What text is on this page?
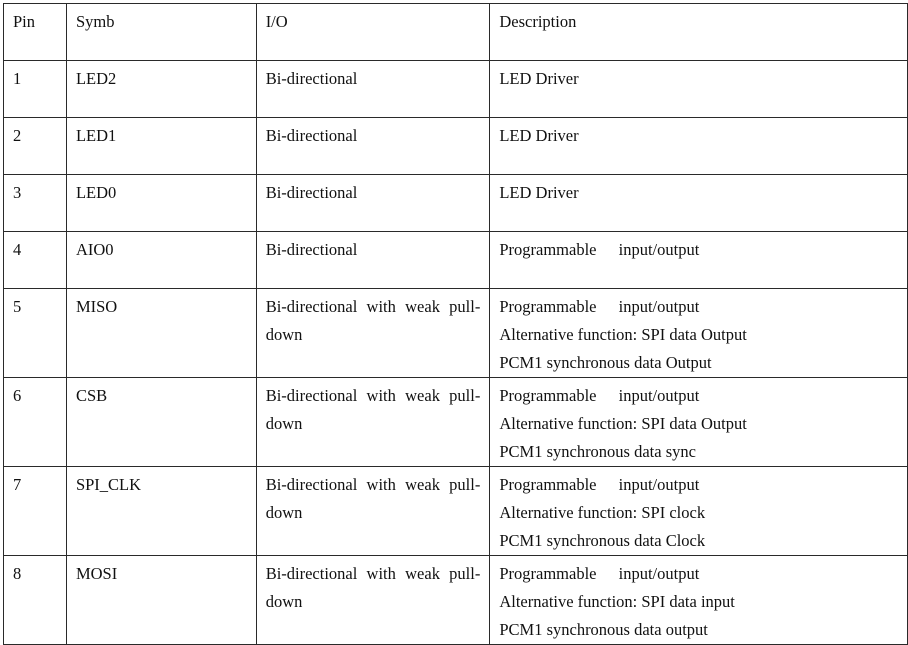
Pin	Symb	I/O	Description
1	LED2	Bi-directional	LED Driver

2	LED1	Bi-directional	LED Driver

3	LED0	Bi-directional	LED Driver

4	AIO0	Bi-directional	Programmable input/output

5	MISO	Bi-directional with weak pull-down	Programmable input/output
Alternative function: SPI data Output
PCM1 synchronous data Output

6	CSB	Bi-directional with weak pull-down	Programmable input/output
Alternative function: SPI data Output
PCM1 synchronous data sync

7	SPI_CLK	Bi-directional with weak pull-down	Programmable input/output
Alternative function: SPI clock
PCM1 synchronous data Clock

8	MOSI	Bi-directional with weak pull-down	Programmable input/output
Alternative function: SPI data input
PCM1 synchronous data output
